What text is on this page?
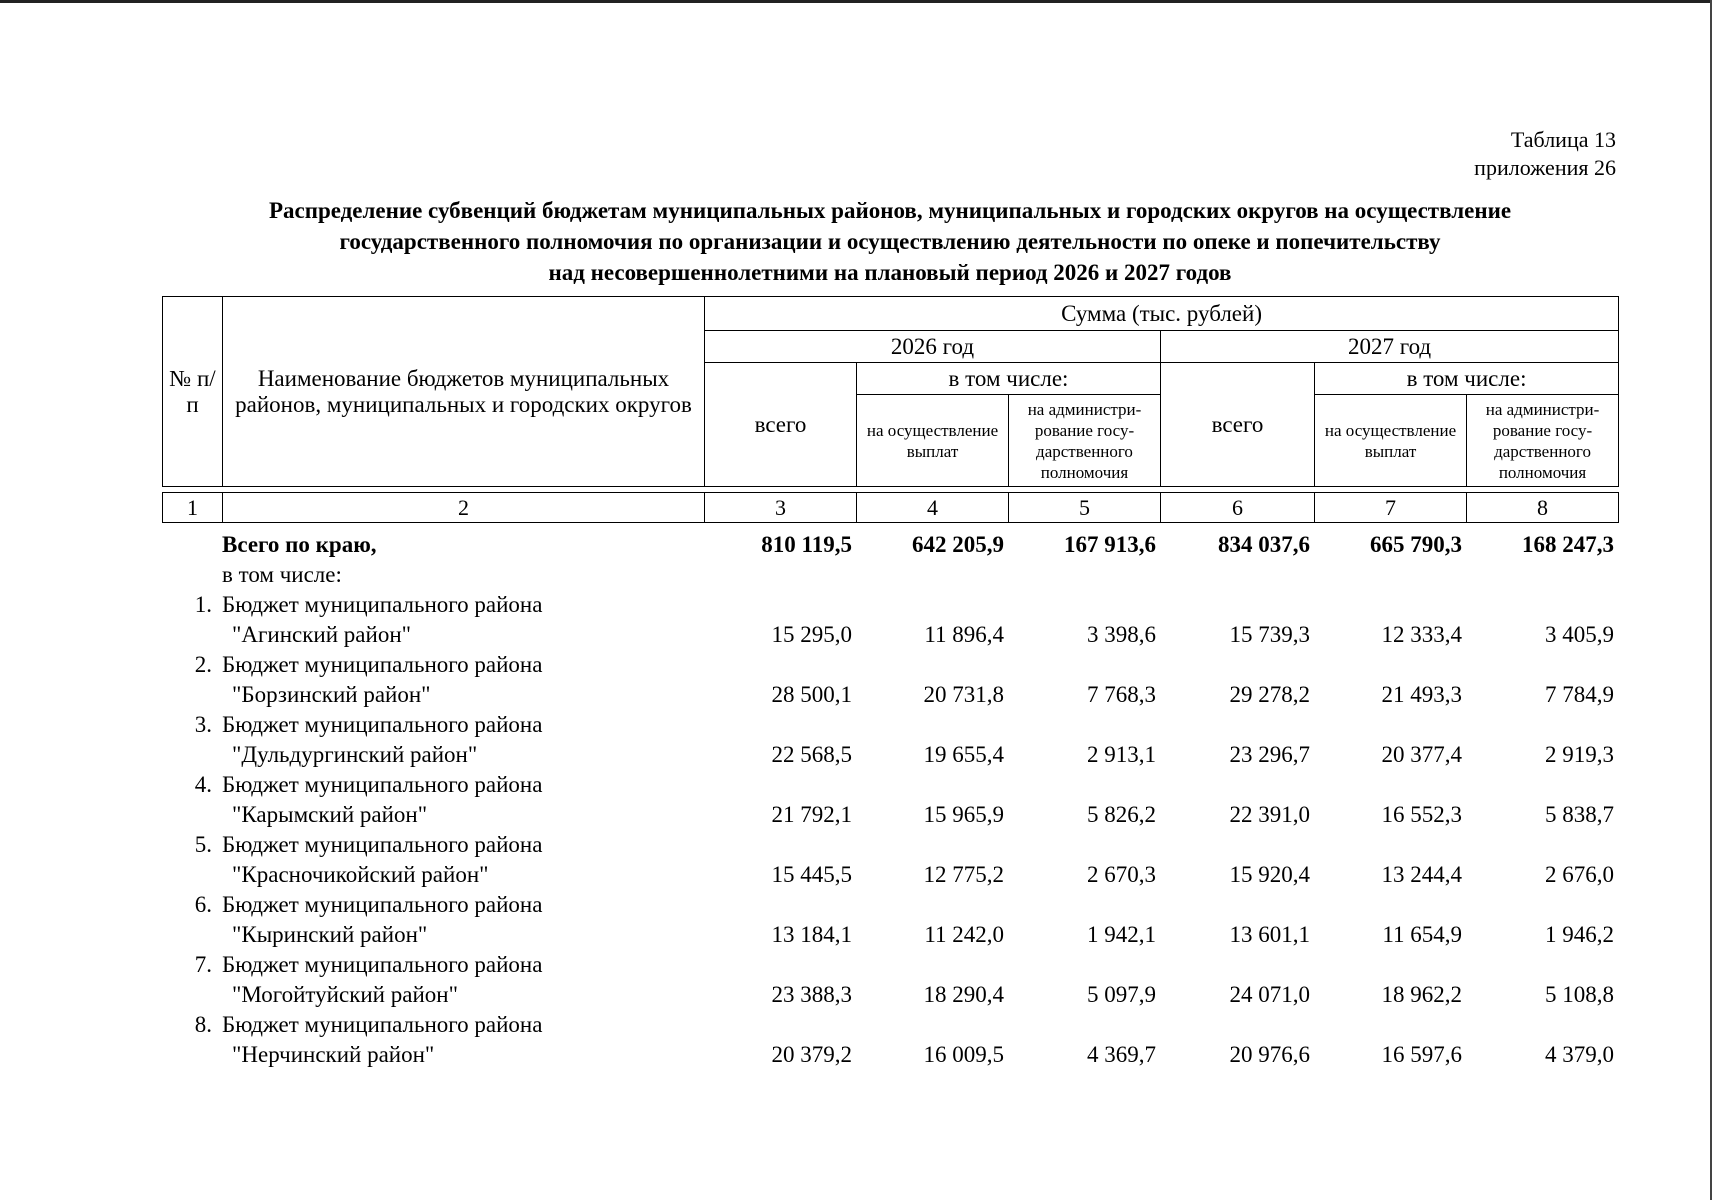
Таблица 13
приложения 26
Распределение субвенций бюджетам муниципальных районов, муниципальных и городских округов на осуществление
государственного полномочия по организации и осуществлению деятельности по опеке и попечительству
над несовершеннолетними на плановый период 2026 и 2027 годов
№ п/п	Наименование бюджетов муниципальных районов, муниципальных и городских округов	Сумма (тыс. рублей)					
		2026 год			2027 год		
		всего	в том числе:		всего	в том числе:	
			на осуществление выплат	на администри-рование госу-дарственного полномочия		на осуществление выплат	на администри-рование госу-дарственного полномочия

1	2	3	4	5	6	7	8
	Всего по краю,	810 119,5	642 205,9	167 913,6	834 037,6	665 790,3	168 247,3
	в том числе:						
1.	Бюджет муниципального района
"Агинский район"	15 295,0	11 896,4	3 398,6	15 739,3	12 333,4	3 405,9
2.	Бюджет муниципального района
"Борзинский район"	28 500,1	20 731,8	7 768,3	29 278,2	21 493,3	7 784,9
3.	Бюджет муниципального района
"Дульдургинский район"	22 568,5	19 655,4	2 913,1	23 296,7	20 377,4	2 919,3
4.	Бюджет муниципального района
"Карымский район"	21 792,1	15 965,9	5 826,2	22 391,0	16 552,3	5 838,7
5.	Бюджет муниципального района
"Красночикойский район"	15 445,5	12 775,2	2 670,3	15 920,4	13 244,4	2 676,0
6.	Бюджет муниципального района
"Кыринский район"	13 184,1	11 242,0	1 942,1	13 601,1	11 654,9	1 946,2
7.	Бюджет муниципального района
"Могойтуйский район"	23 388,3	18 290,4	5 097,9	24 071,0	18 962,2	5 108,8
8.	Бюджет муниципального района
"Нерчинский район"	20 379,2	16 009,5	4 369,7	20 976,6	16 597,6	4 379,0
